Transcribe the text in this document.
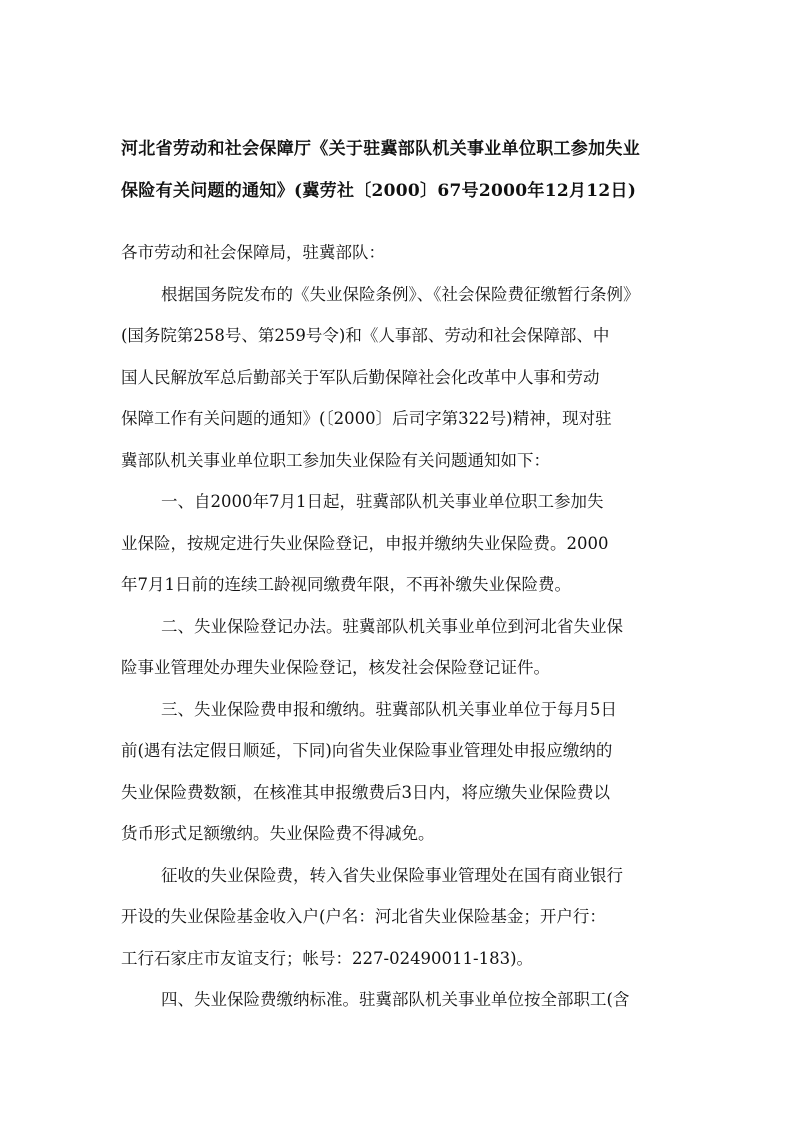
河北省劳动和社会保障厅《关于驻冀部队机关事业单位职工参加失业
保险有关问题的通知》(冀劳社〔2000〕67号2000年12月12日)
各市劳动和社会保障局，驻冀部队：
根据国务院发布的《失业保险条例》、《社会保险费征缴暂行条例》
(国务院第258号、第259号令)和《人事部、劳动和社会保障部、中
国人民解放军总后勤部关于军队后勤保障社会化改革中人事和劳动
保障工作有关问题的通知》(〔2000〕后司字第322号)精神，现对驻
冀部队机关事业单位职工参加失业保险有关问题通知如下：
一、自2000年7月1日起，驻冀部队机关事业单位职工参加失
业保险，按规定进行失业保险登记，申报并缴纳失业保险费。2000
年7月1日前的连续工龄视同缴费年限，不再补缴失业保险费。
二、失业保险登记办法。驻冀部队机关事业单位到河北省失业保
险事业管理处办理失业保险登记，核发社会保险登记证件。
三、失业保险费申报和缴纳。驻冀部队机关事业单位于每月5日
前(遇有法定假日顺延，下同)向省失业保险事业管理处申报应缴纳的
失业保险费数额，在核准其申报缴费后3日内，将应缴失业保险费以
货币形式足额缴纳。失业保险费不得减免。
征收的失业保险费，转入省失业保险事业管理处在国有商业银行
开设的失业保险基金收入户(户名：河北省失业保险基金；开户行：
工行石家庄市友谊支行；帐号：227-02490011-183)。
四、失业保险费缴纳标准。驻冀部队机关事业单位按全部职工(含
